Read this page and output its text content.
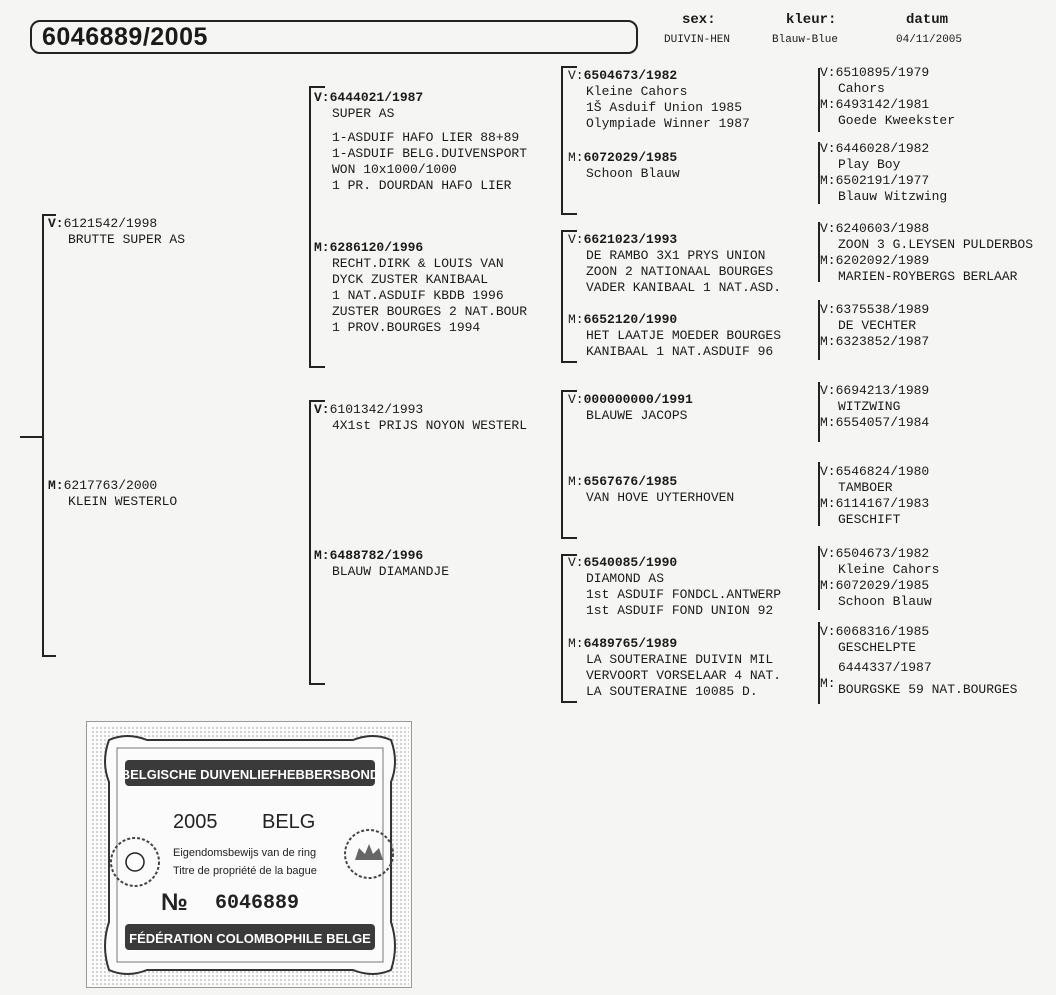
6046889/2005
sex:
DUIVIN-HEN
kleur:
Blauw-Blue
datum
04/11/2005
V:6121542/1998
BRUTTE SUPER AS
M:6217763/2000
KLEIN WESTERLO
V:6444021/1987
SUPER AS
1-ASDUIF HAFO LIER 88+89
1-ASDUIF BELG.DUIVENSPORT
WON 10x1000/1000
1 PR. DOURDAN HAFO LIER
M:6286120/1996
RECHT.DIRK & LOUIS VAN
DYCK ZUSTER KANIBAAL
1 NAT.ASDUIF KBDB 1996
ZUSTER BOURGES 2 NAT.BOUR
1 PROV.BOURGES 1994
V:6101342/1993
4X1st PRIJS NOYON WESTERL
M:6488782/1996
BLAUW DIAMANDJE
V:6504673/1982
Kleine Cahors
1Š Asduif Union 1985
Olympiade Winner 1987
M:6072029/1985
Schoon Blauw
V:6621023/1993
DE RAMBO 3X1 PRYS UNION
ZOON 2 NATIONAAL BOURGES
VADER KANIBAAL 1 NAT.ASD.
M:6652120/1990
HET LAATJE MOEDER BOURGES
KANIBAAL 1 NAT.ASDUIF 96
V:000000000/1991
BLAUWE JACOPS
M:6567676/1985
VAN HOVE UYTERHOVEN
V:6540085/1990
DIAMOND AS
1st ASDUIF FONDCL.ANTWERP
1st ASDUIF FOND UNION 92
M:6489765/1989
LA SOUTERAINE DUIVIN MIL
VERVOORT VORSELAAR 4 NAT.
LA SOUTERAINE 10085 D.
V:6510895/1979
Cahors
M:6493142/1981
Goede Kweekster
V:6446028/1982
Play Boy
M:6502191/1977
Blauw Witzwing
V:6240603/1988
ZOON 3 G.LEYSEN PULDERBOS
M:6202092/1989
MARIEN-ROYBERGS BERLAAR
V:6375538/1989
DE VECHTER
M:6323852/1987
V:6694213/1989
WITZWING
M:6554057/1984
V:6546824/1980
TAMBOER
M:6114167/1983
GESCHIFT
V:6504673/1982
Kleine Cahors
M:6072029/1985
Schoon Blauw
V:6068316/1985
GESCHELPTE
6444337/1987
M: BOURGSKE 59 NAT.BOURGES
BELGISCHE DUIVENLIEFHEBBERSBOND
2005 BELG
Eigendomsbewijs van de ring
Titre de propriété de la bague
№ 6046889
FÉDÉRATION COLOMBOPHILE BELGE
